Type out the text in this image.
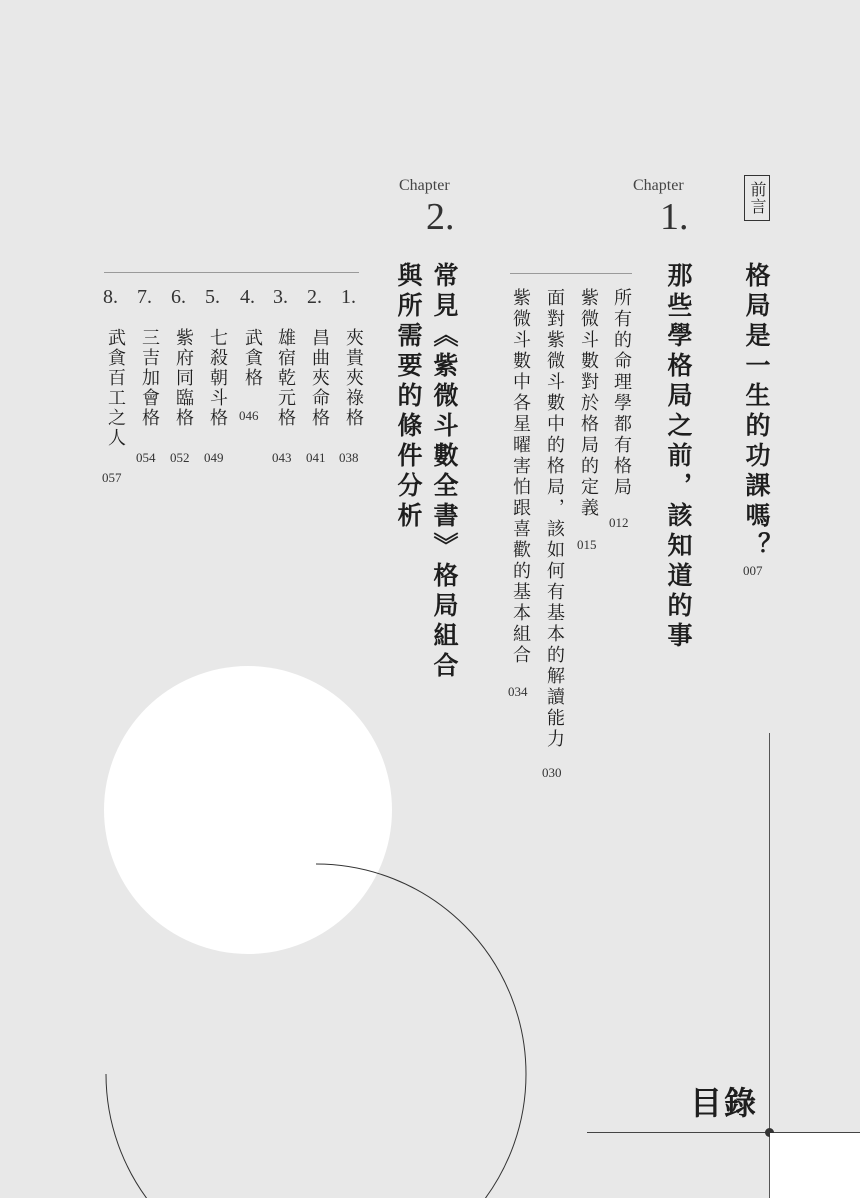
目錄
前言
格局是一生的功課嗎？
007
Chapter
1.
那些學格局之前，該知道的事
所有的命理學都有格局
012
紫微斗數對於格局的定義
015
面對紫微斗數中的格局，該如何有基本的解讀能力
030
紫微斗數中各星曜害怕跟喜歡的基本組合
034
Chapter
2.
常見《紫微斗數全書》格局組合
與所需要的條件分析
1.
夾貴夾祿格
038
2.
昌曲夾命格
041
3.
雄宿乾元格
043
4.
武貪格
046
5.
七殺朝斗格
049
6.
紫府同臨格
052
7.
三吉加會格
054
8.
武貪百工之人
057
